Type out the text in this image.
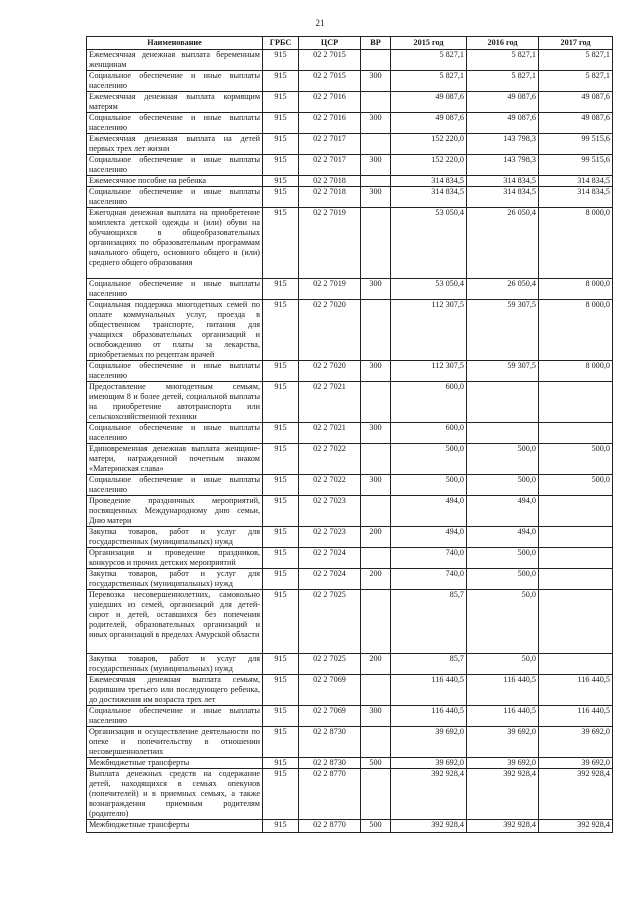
21
Наименование	ГРБС	ЦСР	ВР	2015 год	2016 год	2017 год
Ежемесячная денежная выплата беременным женщинам	915	02 2 7015		5 827,1	5 827,1	5 827,1
Социальное обеспечение и иные выплаты населению	915	02 2 7015	300	5 827,1	5 827,1	5 827,1
Ежемесячная денежная выплата кормящим матерям	915	02 2 7016		49 087,6	49 087,6	49 087,6
Социальное обеспечение и иные выплаты населению	915	02 2 7016	300	49 087,6	49 087,6	49 087,6
Ежемесячная денежная выплата на детей первых трех лет жизни	915	02 2 7017		152 220,0	143 798,3	99 515,6
Социальное обеспечение и иные выплаты населению	915	02 2 7017	300	152 220,0	143 798,3	99 515,6
Ежемесячное пособие на ребенка	915	02 2 7018		314 834,5	314 834,5	314 834,5
Социальное обеспечение и иные выплаты населению	915	02 2 7018	300	314 834,5	314 834,5	314 834,5
Ежегодная денежная выплата на приобретение комплекта детской одежды и (или) обуви на обучающихся в общеобразовательных организациях по образовательным программам начального общего, основного общего и (или) среднего общего образования	915	02 2 7019		53 050,4	26 050,4	8 000,0
Социальное обеспечение и иные выплаты населению	915	02 2 7019	300	53 050,4	26 050,4	8 000,0
Социальная поддержка многодетных семей по оплате коммунальных услуг, проезда в общественном транспорте, питания для учащихся образовательных организаций и освобождению от платы за лекарства, приобретаемых по рецептам врачей	915	02 2 7020		112 307,5	59 307,5	8 000,0
Социальное обеспечение и иные выплаты населению	915	02 2 7020	300	112 307,5	59 307,5	8 000,0
Предоставление многодетным семьям, имеющим 8 и более детей, социальной выплаты на приобретение автотранспорта или сельскохозяйственной техники	915	02 2 7021		600,0		
Социальное обеспечение и иные выплаты населению	915	02 2 7021	300	600,0		
Единовременная денежная выплата женщине-матери, награжденной почетным знаком «Материнская слава»	915	02 2 7022		500,0	500,0	500,0
Социальное обеспечение и иные выплаты населению	915	02 2 7022	300	500,0	500,0	500,0
Проведение праздничных мероприятий, посвященных Международному дню семьи, Дню матери	915	02 2 7023		494,0	494,0	
Закупка товаров, работ и услуг для государственных (муниципальных) нужд	915	02 2 7023	200	494,0	494,0	
Организация и проведение праздников, конкурсов и прочих детских мероприятий	915	02 2 7024		740,0	500,0	
Закупка товаров, работ и услуг для государственных (муниципальных) нужд	915	02 2 7024	200	740,0	500,0	
Перевозка несовершеннолетних, самовольно ушедших из семей, организаций для детей-сирот и детей, оставшихся без попечения родителей, образовательных организаций и иных организаций в пределах Амурской области	915	02 2 7025		85,7	50,0	
Закупка товаров, работ и услуг для государственных (муниципальных) нужд	915	02 2 7025	200	85,7	50,0	
Ежемесячная денежная выплата семьям, родившим третьего или последующего ребенка, до достижения им возраста трех лет	915	02 2 7069		116 440,5	116 440,5	116 440,5
Социальное обеспечение и иные выплаты населению	915	02 2 7069	300	116 440,5	116 440,5	116 440,5
Организация и осуществление деятельности по опеке и попечительству в отношении несовершеннолетних	915	02 2 8730		39 692,0	39 692,0	39 692,0
Межбюджетные трансферты	915	02 2 8730	500	39 692,0	39 692,0	39 692,0
Выплата денежных средств на содержание детей, находящихся в семьях опекунов (попечителей) и в приемных семьях, а также вознаграждения приемным родителям (родителю)	915	02 2 8770		392 928,4	392 928,4	392 928,4
Межбюджетные трансферты	915	02 2 8770	500	392 928,4	392 928,4	392 928,4
